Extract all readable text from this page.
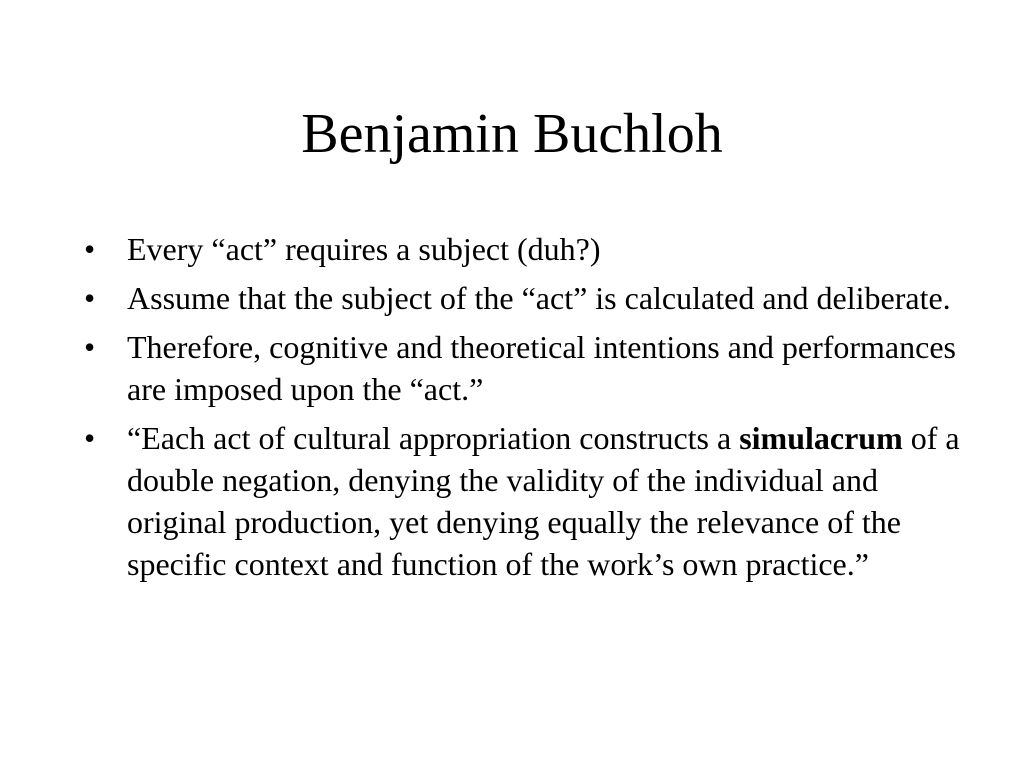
Benjamin Buchloh
• Every “act” requires a subject (duh?)
• Assume that the subject of the “act” is calculated and deliberate.
• Therefore, cognitive and theoretical intentions and performances are imposed upon the “act.”
• “Each act of cultural appropriation constructs a simulacrum of a double negation, denying the validity of the individual and original production, yet denying equally the relevance of the specific context and function of the work’s own practice.”
